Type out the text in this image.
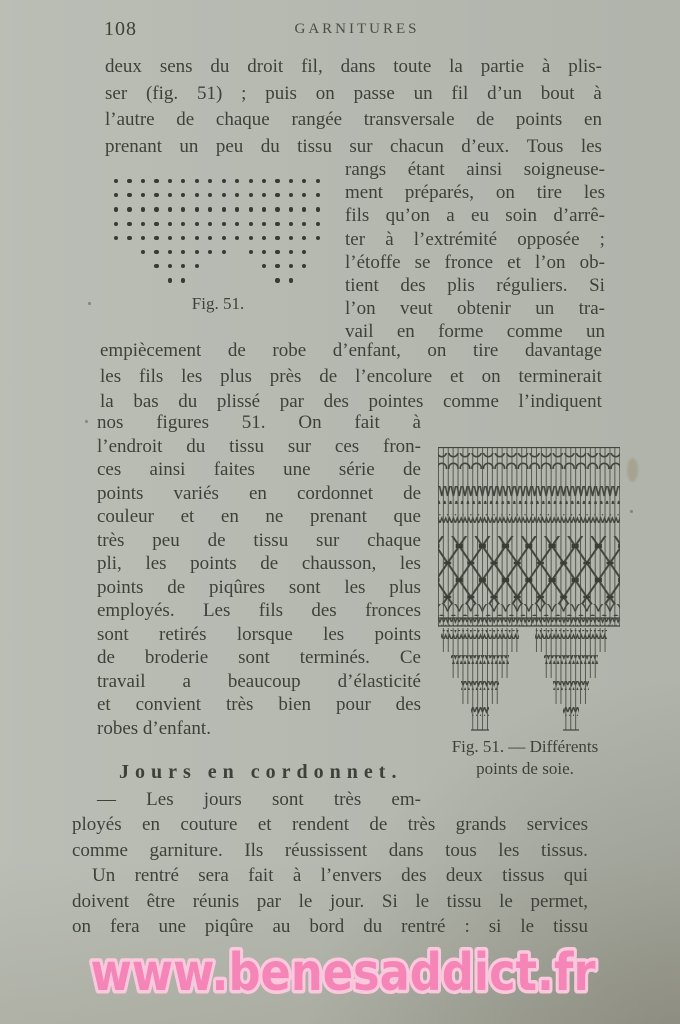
108	GARNITURES
deux sens du droit fil, dans toute la partie à plis-
ser (fig. 51) ; puis on passe un fil d’un bout à
l’autre de chaque rangée transversale de points en
prenant un peu du tissu sur chacun d’eux. Tous les
rangs étant ainsi soigneuse-
ment préparés, on tire les
fils qu’on a eu soin d’arrê-
ter à l’extrémité opposée ;
l’étoffe se fronce et l’on ob-
tient des plis réguliers. Si
l’on veut obtenir un tra-
vail en forme comme un
Fig. 51.
empiècement de robe d’enfant, on tire davantage
les fils les plus près de l’encolure et on terminerait
la bas du plissé par des pointes comme l’indiquent
nos figures 51. On fait à
l’endroit du tissu sur ces fron-
ces ainsi faites une série de
points variés en cordonnet de
couleur et en ne prenant que
très peu de tissu sur chaque
pli, les points de chausson, les
points de piqûres sont les plus
employés. Les fils des fronces
sont retirés lorsque les points
de broderie sont terminés. Ce
travail a beaucoup d’élasticité
et convient très bien pour des
robes d’enfant.
Fig. 51. — Différents
points de soie.
Jours en cordonnet.
— Les jours sont très em-
ployés en couture et rendent de très grands services
comme garniture. Ils réussissent dans tous les tissus.
Un rentré sera fait à l’envers des deux tissus qui
doivent être réunis par le jour. Si le tissu le permet,
on fera une piqûre au bord du rentré : si le tissu
www.benesaddict.fr
